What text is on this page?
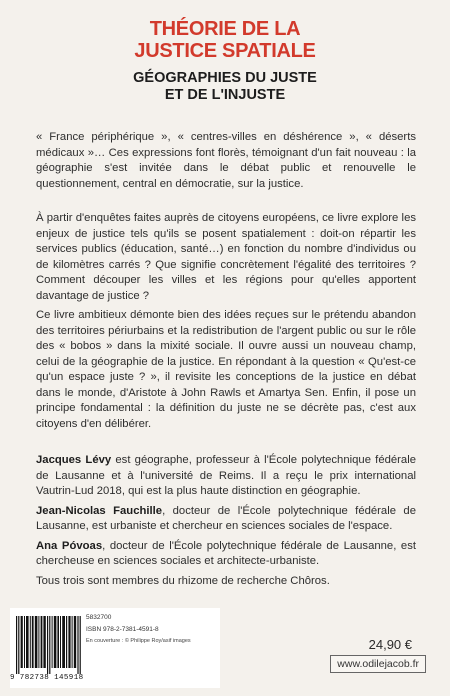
THÉORIE DE LA
JUSTICE SPATIALE
GÉOGRAPHIES DU JUSTE
ET DE L'INJUSTE

« France périphérique », « centres-villes en déshérence », « déserts médicaux »… Ces expressions font florès, témoignant d'un fait nouveau : la géographie s'est invitée dans le débat public et renouvelle le questionnement, central en démocratie, sur la justice.

À partir d'enquêtes faites auprès de citoyens européens, ce livre explore les enjeux de justice tels qu'ils se posent spatialement : doit-on répartir les services publics (éducation, santé…) en fonction du nombre d'individus ou de kilomètres carrés ? Que signifie concrètement l'égalité des territoires ? Comment découper les villes et les régions pour qu'elles apportent davantage de justice ?

Ce livre ambitieux démonte bien des idées reçues sur le prétendu abandon des territoires périurbains et la redistribution de l'argent public ou sur le rôle des « bobos » dans la mixité sociale. Il ouvre aussi un nouveau champ, celui de la géographie de la justice. En répondant à la question « Qu'est-ce qu'un espace juste ? », il revisite les conceptions de la justice en débat dans le monde, d'Aristote à John Rawls et Amartya Sen. Enfin, il pose un principe fondamental : la définition du juste ne se décrète pas, c'est aux citoyens d'en délibérer.

Jacques Lévy est géographe, professeur à l'École polytechnique fédérale de Lausanne et à l'université de Reims. Il a reçu le prix international Vautrin-Lud 2018, qui est la plus haute distinction en géographie.

Jean-Nicolas Fauchille, docteur de l'École polytechnique fédérale de Lausanne, est urbaniste et chercheur en sciences sociales de l'espace.

Ana Póvoas, docteur de l'École polytechnique fédérale de Lausanne, est chercheuse en sciences sociales et architecte-urbaniste.

Tous trois sont membres du rhizome de recherche Chôros.
9 782738 145918
5832700
ISBN 978-2-7381-4591-8
En couverture : © Philippe Roy/asif images	24,90 €
www.odilejacob.fr
